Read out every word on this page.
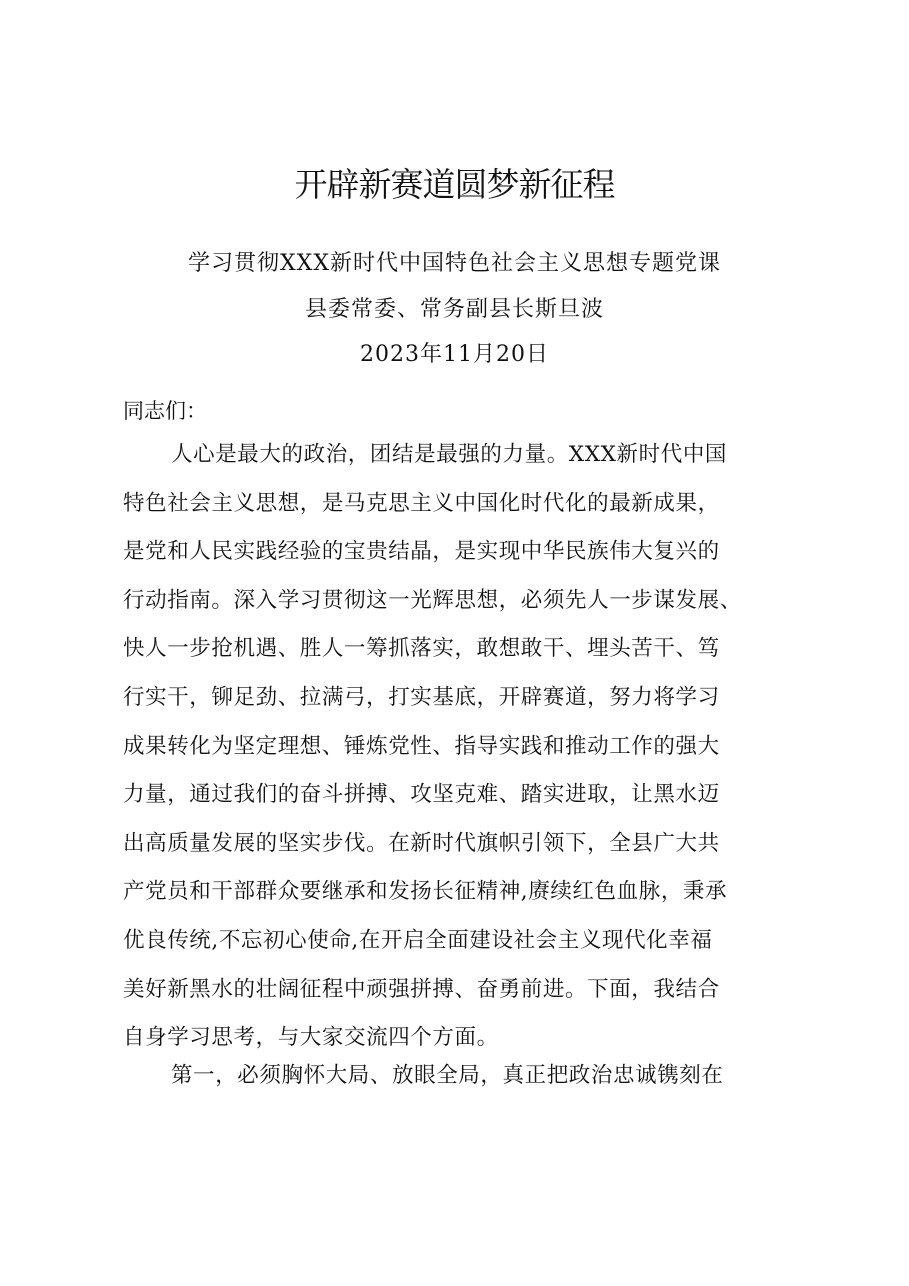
开辟新赛道圆梦新征程

学习贯彻XXX新时代中国特色社会主义思想专题党课

县委常委、常务副县长斯旦波

2023年11月20日

同志们：

人心是最大的政治，团结是最强的力量。XXX新时代中国
特色社会主义思想，是马克思主义中国化时代化的最新成果，
是党和人民实践经验的宝贵结晶，是实现中华民族伟大复兴的
行动指南。深入学习贯彻这一光辉思想，必须先人一步谋发展、
快人一步抢机遇、胜人一筹抓落实，敢想敢干、埋头苦干、笃
行实干，铆足劲、拉满弓，打实基底，开辟赛道，努力将学习
成果转化为坚定理想、锤炼党性、指导实践和推动工作的强大
力量，通过我们的奋斗拼搏、攻坚克难、踏实进取，让黑水迈
出高质量发展的坚实步伐。在新时代旗帜引领下，全县广大共
产党员和干部群众要继承和发扬长征精神,赓续红色血脉，秉承
优良传统,不忘初心使命,在开启全面建设社会主义现代化幸福
美好新黑水的壮阔征程中顽强拼搏、奋勇前进。下面，我结合
自身学习思考，与大家交流四个方面。
第一，必须胸怀大局、放眼全局，真正把政治忠诚镌刻在
